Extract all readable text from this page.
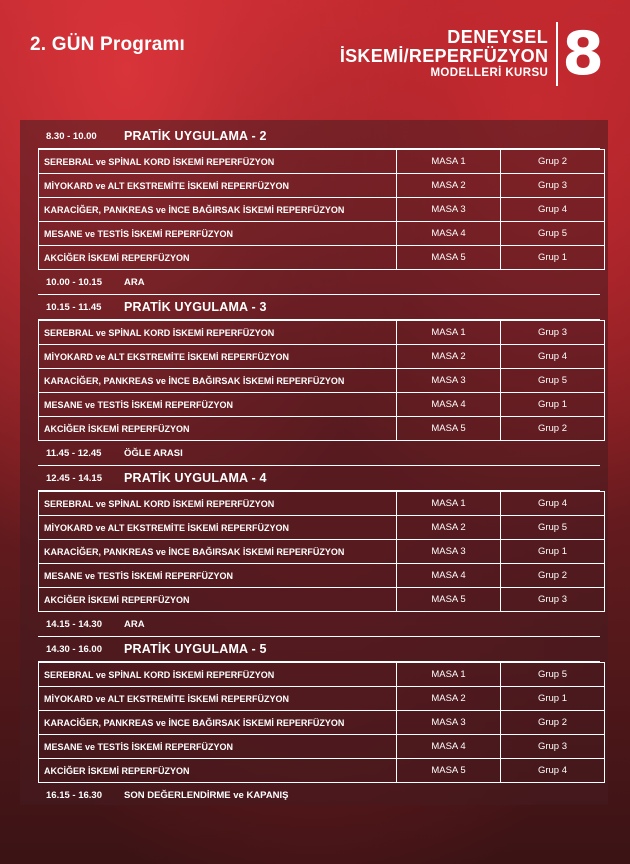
2. GÜN Programı	DENEYSEL
İSKEMİ/REPERFÜZYON
MODELLERİ KURSU 8
8.30 - 10.00	PRATİK UYGULAMA - 2
SEREBRAL ve SPİNAL KORD İSKEMİ REPERFÜZYON	MASA 1	Grup 2
MİYOKARD ve ALT EKSTREMİTE İSKEMİ REPERFÜZYON	MASA 2	Grup 3
KARACİĞER, PANKREAS ve İNCE BAĞIRSAK İSKEMİ REPERFÜZYON	MASA 3	Grup 4
MESANE ve TESTİS İSKEMİ REPERFÜZYON	MASA 4	Grup 5
AKCİĞER İSKEMİ REPERFÜZYON	MASA 5	Grup 1
10.00 - 10.15	ARA
10.15 - 11.45	PRATİK UYGULAMA - 3
SEREBRAL ve SPİNAL KORD İSKEMİ REPERFÜZYON	MASA 1	Grup 3
MİYOKARD ve ALT EKSTREMİTE İSKEMİ REPERFÜZYON	MASA 2	Grup 4
KARACİĞER, PANKREAS ve İNCE BAĞIRSAK İSKEMİ REPERFÜZYON	MASA 3	Grup 5
MESANE ve TESTİS İSKEMİ REPERFÜZYON	MASA 4	Grup 1
AKCİĞER İSKEMİ REPERFÜZYON	MASA 5	Grup 2
11.45 - 12.45	ÖĞLE ARASI
12.45 - 14.15	PRATİK UYGULAMA - 4
SEREBRAL ve SPİNAL KORD İSKEMİ REPERFÜZYON	MASA 1	Grup 4
MİYOKARD ve ALT EKSTREMİTE İSKEMİ REPERFÜZYON	MASA 2	Grup 5
KARACİĞER, PANKREAS ve İNCE BAĞIRSAK İSKEMİ REPERFÜZYON	MASA 3	Grup 1
MESANE ve TESTİS İSKEMİ REPERFÜZYON	MASA 4	Grup 2
AKCİĞER İSKEMİ REPERFÜZYON	MASA 5	Grup 3
14.15 - 14.30	ARA
14.30 - 16.00	PRATİK UYGULAMA - 5
SEREBRAL ve SPİNAL KORD İSKEMİ REPERFÜZYON	MASA 1	Grup 5
MİYOKARD ve ALT EKSTREMİTE İSKEMİ REPERFÜZYON	MASA 2	Grup 1
KARACİĞER, PANKREAS ve İNCE BAĞIRSAK İSKEMİ REPERFÜZYON	MASA 3	Grup 2
MESANE ve TESTİS İSKEMİ REPERFÜZYON	MASA 4	Grup 3
AKCİĞER İSKEMİ REPERFÜZYON	MASA 5	Grup 4
16.15 - 16.30	SON DEĞERLENDİRME ve KAPANIŞ
